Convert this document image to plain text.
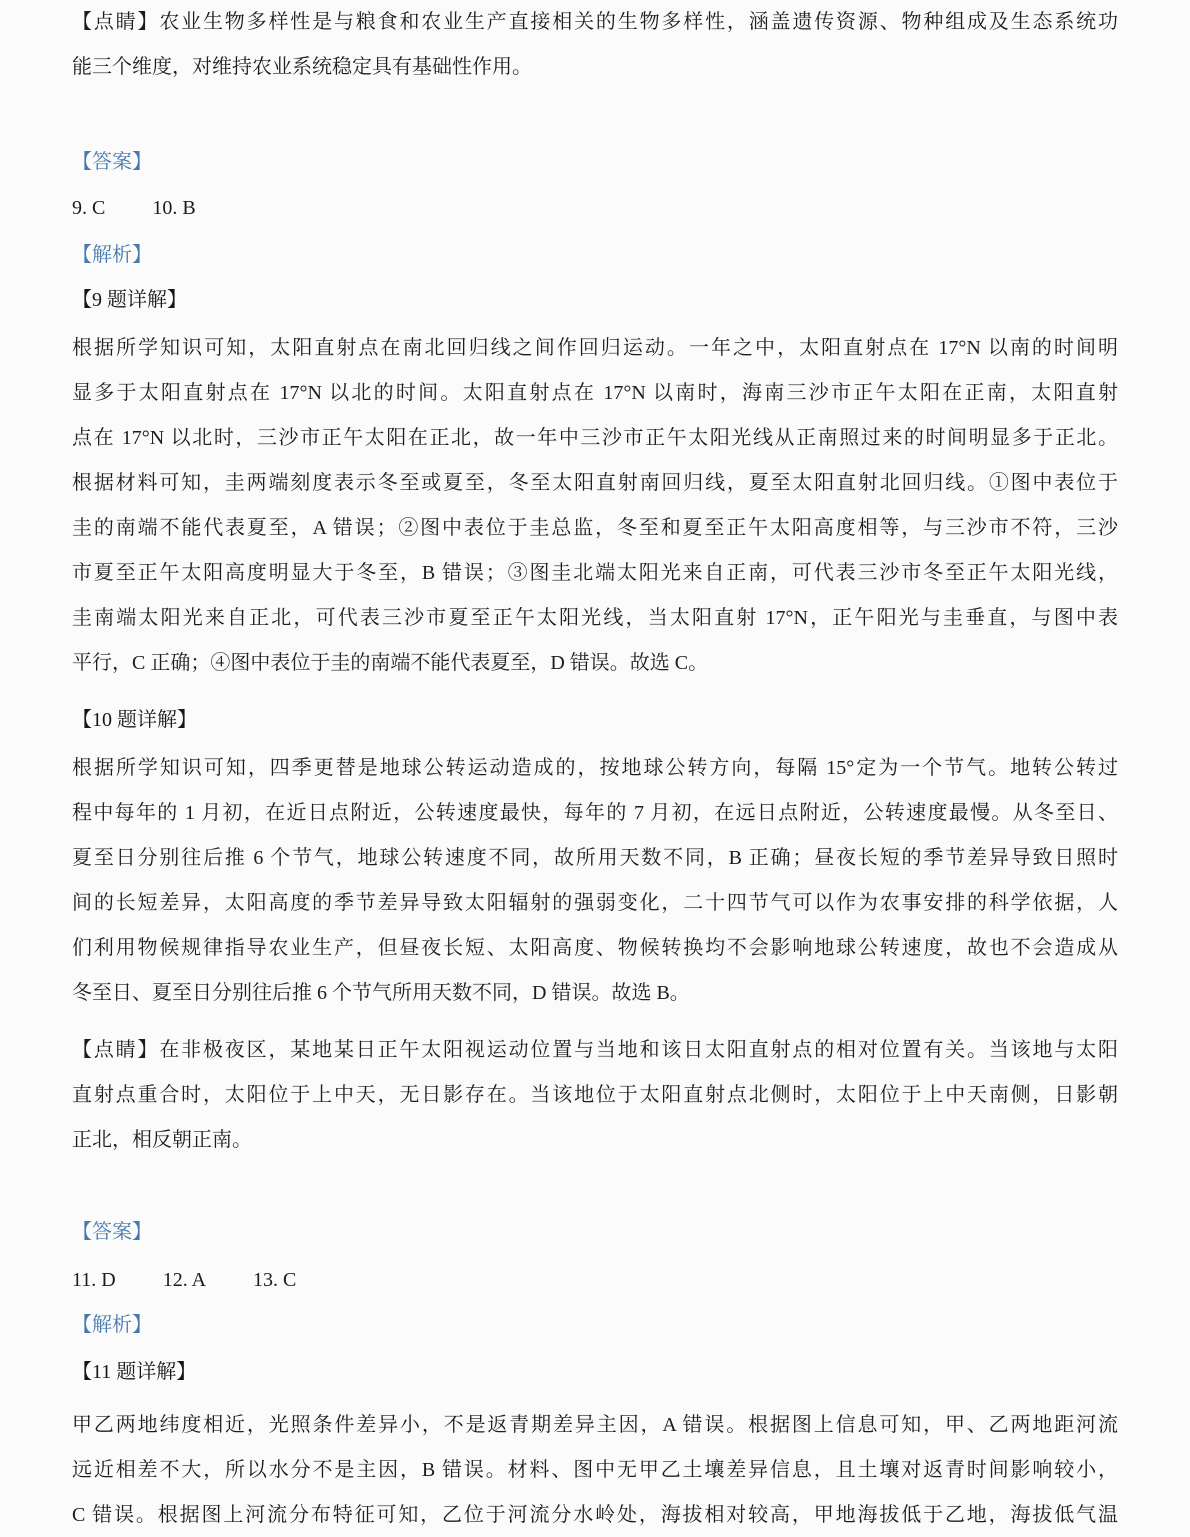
【点睛】农业生物多样性是与粮食和农业生产直接相关的生物多样性，涵盖遗传资源、物种组成及生态系统功
能三个维度，对维持农业系统稳定具有基础性作用。
【答案】
9. C 10. B
【解析】
【9 题详解】
根据所学知识可知，太阳直射点在南北回归线之间作回归运动。一年之中，太阳直射点在 17°N 以南的时间明
显多于太阳直射点在 17°N 以北的时间。太阳直射点在 17°N 以南时，海南三沙市正午太阳在正南，太阳直射
点在 17°N 以北时，三沙市正午太阳在正北，故一年中三沙市正午太阳光线从正南照过来的时间明显多于正北。
根据材料可知，圭两端刻度表示冬至或夏至，冬至太阳直射南回归线，夏至太阳直射北回归线。①图中表位于
圭的南端不能代表夏至，A 错误；②图中表位于圭总监，冬至和夏至正午太阳高度相等，与三沙市不符，三沙
市夏至正午太阳高度明显大于冬至，B 错误；③图圭北端太阳光来自正南，可代表三沙市冬至正午太阳光线，
圭南端太阳光来自正北，可代表三沙市夏至正午太阳光线，当太阳直射 17°N，正午阳光与圭垂直，与图中表
平行，C 正确；④图中表位于圭的南端不能代表夏至，D 错误。故选 C。
【10 题详解】
根据所学知识可知，四季更替是地球公转运动造成的，按地球公转方向，每隔 15°定为一个节气。地转公转过
程中每年的 1 月初，在近日点附近，公转速度最快，每年的 7 月初，在远日点附近，公转速度最慢。从冬至日、
夏至日分别往后推 6 个节气，地球公转速度不同，故所用天数不同，B 正确；昼夜长短的季节差异导致日照时
间的长短差异，太阳高度的季节差异导致太阳辐射的强弱变化，二十四节气可以作为农事安排的科学依据，人
们利用物候规律指导农业生产，但昼夜长短、太阳高度、物候转换均不会影响地球公转速度，故也不会造成从
冬至日、夏至日分别往后推 6 个节气所用天数不同，D 错误。故选 B。
【点睛】在非极夜区，某地某日正午太阳视运动位置与当地和该日太阳直射点的相对位置有关。当该地与太阳
直射点重合时，太阳位于上中天，无日影存在。当该地位于太阳直射点北侧时，太阳位于上中天南侧，日影朝
正北，相反朝正南。
【答案】
11. D 12. A 13. C
【解析】
【11 题详解】
甲乙两地纬度相近，光照条件差异小，不是返青期差异主因，A 错误。根据图上信息可知，甲、乙两地距河流
远近相差不大，所以水分不是主因，B 错误。材料、图中无甲乙土壤差异信息，且土壤对返青时间影响较小，
C 错误。根据图上河流分布特征可知，乙位于河流分水岭处，海拔相对较高，甲地海拔低于乙地，海拔低气温
